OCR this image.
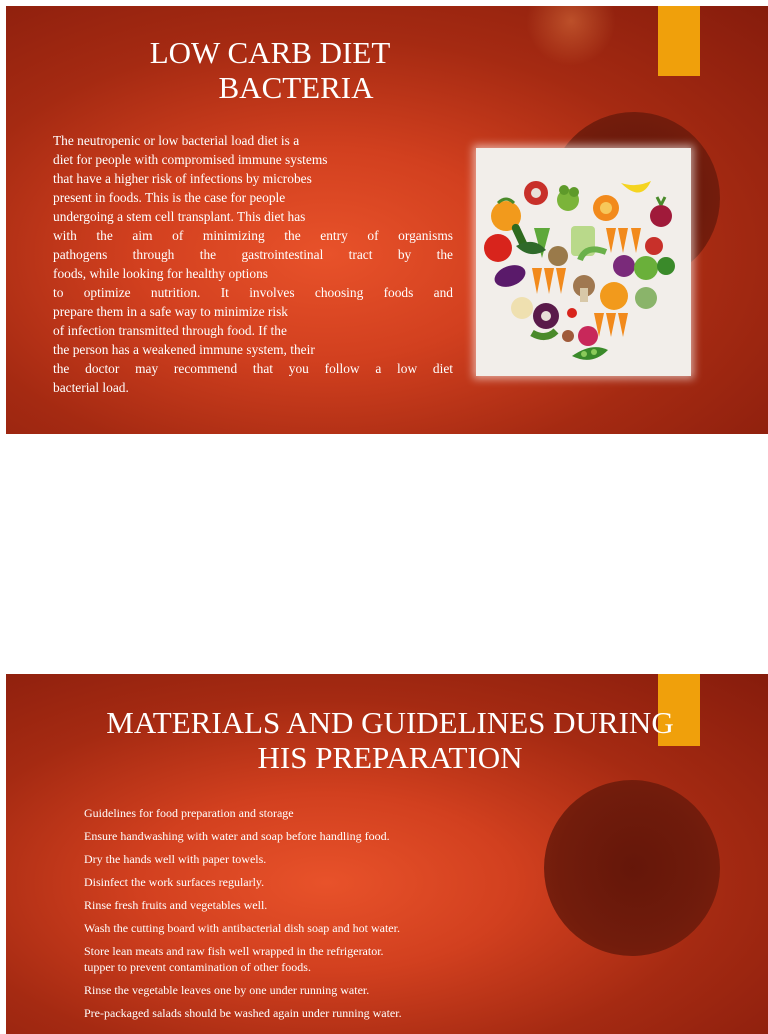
LOW CARB DIET
BACTERIA

The neutropenic or low bacterial load diet is a
diet for people with compromised immune systems
that have a higher risk of infections by microbes
present in foods. This is the case for people
undergoing a stem cell transplant. This diet has
with the aim of minimizing the entry of organisms
pathogens through the gastrointestinal tract by the
foods, while looking for healthy options
to optimize nutrition. It involves choosing foods and
prepare them in a safe way to minimize risk
of infection transmitted through food. If the
the person has a weakened immune system, their
the doctor may recommend that you follow a low diet
bacterial load.

MATERIALS AND GUIDELINES DURING
HIS PREPARATION
Guidelines for food preparation and storage
Ensure handwashing with water and soap before handling food.
Dry the hands well with paper towels.
Disinfect the work surfaces regularly.
Rinse fresh fruits and vegetables well.
Wash the cutting board with antibacterial dish soap and hot water.
Store lean meats and raw fish well wrapped in the refrigerator.
tupper to prevent contamination of other foods.
Rinse the vegetable leaves one by one under running water.
Pre-packaged salads should be washed again under running water.
